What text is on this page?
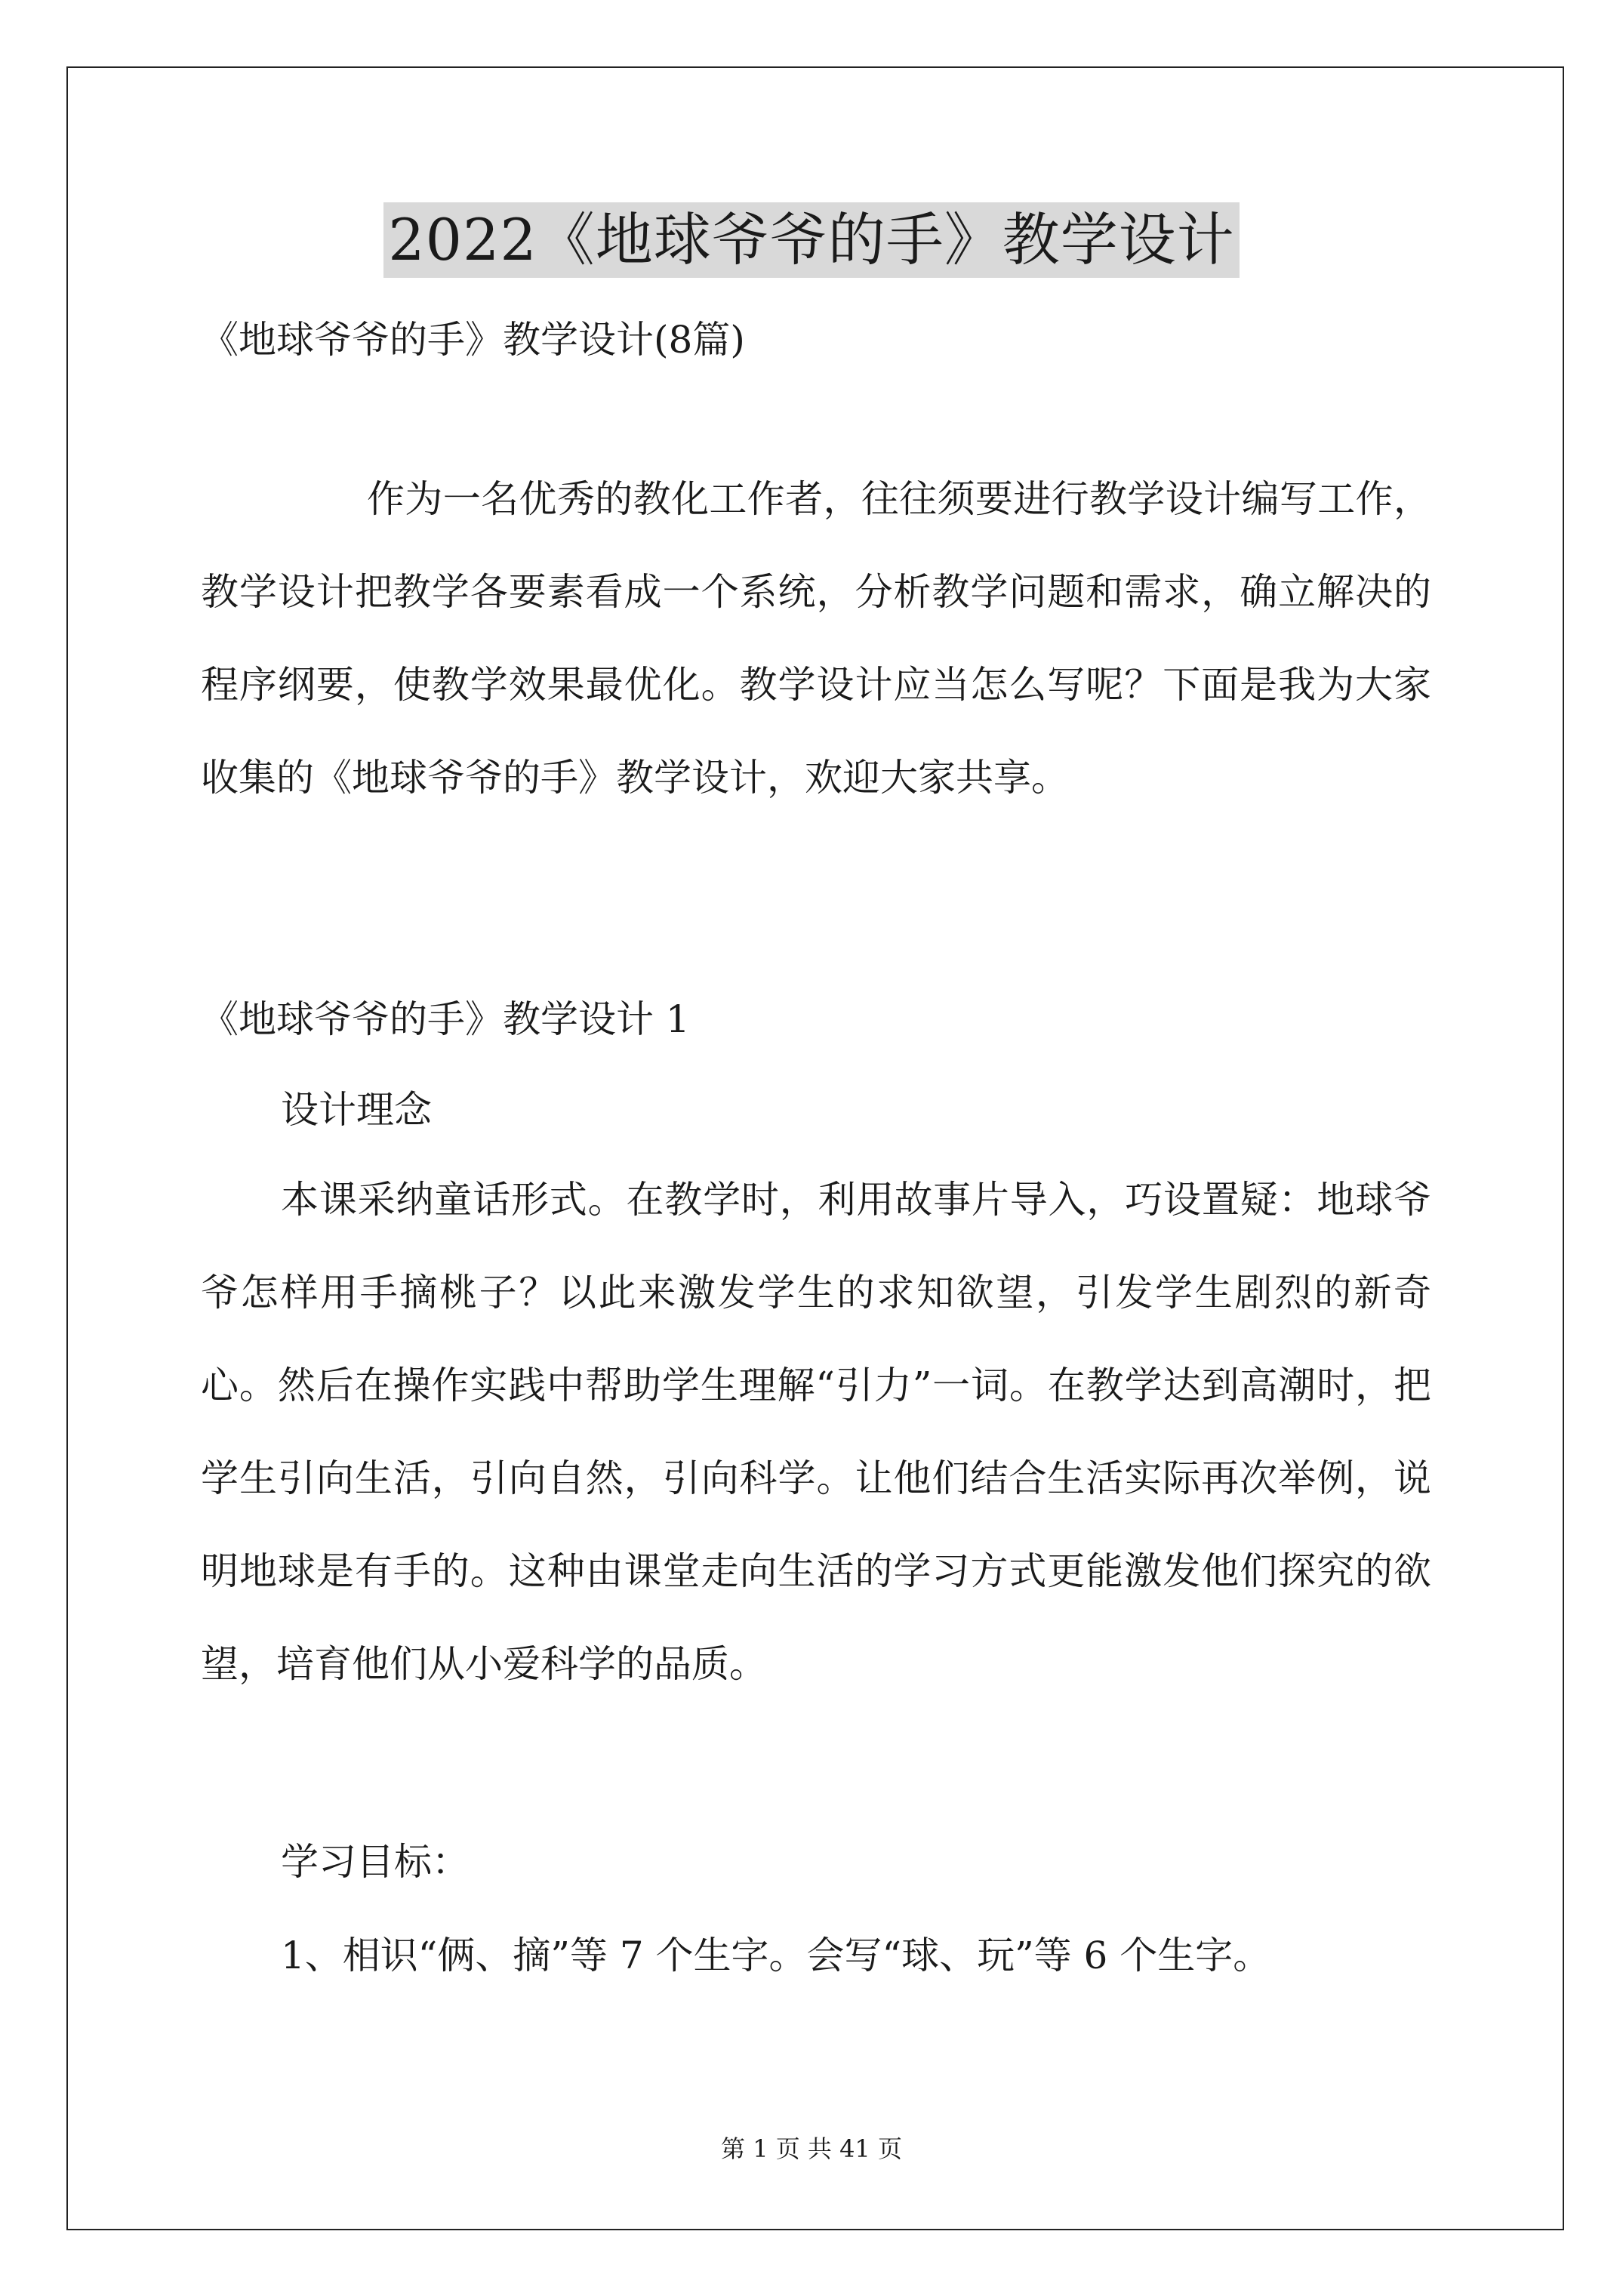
2022《地球爷爷的手》教学设计
《地球爷爷的手》教学设计(8篇)
作为一名优秀的教化工作者，往往须要进行教学设计编写工作，教学设计把教学各要素看成一个系统，分析教学问题和需求，确立解决的程序纲要，使教学效果最优化。教学设计应当怎么写呢？下面是我为大家收集的《地球爷爷的手》教学设计，欢迎大家共享。
《地球爷爷的手》教学设计 1
设计理念
本课采纳童话形式。在教学时，利用故事片导入，巧设置疑：地球爷爷怎样用手摘桃子？以此来激发学生的求知欲望，引发学生剧烈的新奇心。然后在操作实践中帮助学生理解“引力”一词。在教学达到高潮时，把学生引向生活，引向自然，引向科学。让他们结合生活实际再次举例，说明地球是有手的。这种由课堂走向生活的学习方式更能激发他们探究的欲望，培育他们从小爱科学的品质。
学习目标：
1、相识“俩、摘”等 7 个生字。会写“球、玩”等 6 个生字。
第 1 页 共 41 页
